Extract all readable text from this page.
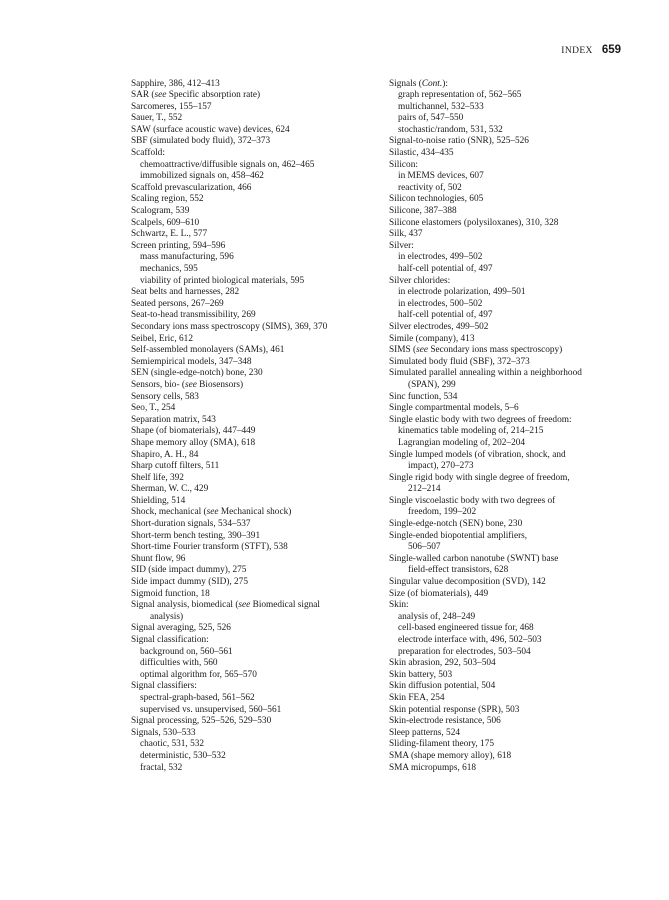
INDEX 659
Sapphire, 386, 412–413
SAR (see Specific absorption rate)
Sarcomeres, 155–157
Sauer, T., 552
SAW (surface acoustic wave) devices, 624
SBF (simulated body fluid), 372–373
Scaffold:
chemoattractive/diffusible signals on, 462–465
immobilized signals on, 458–462
Scaffold prevascularization, 466
Scaling region, 552
Scalogram, 539
Scalpels, 609–610
Schwartz, E. L., 577
Screen printing, 594–596
mass manufacturing, 596
mechanics, 595
viability of printed biological materials, 595
Seat belts and harnesses, 282
Seated persons, 267–269
Seat-to-head transmissibility, 269
Secondary ions mass spectroscopy (SIMS), 369, 370
Seibel, Eric, 612
Self-assembled monolayers (SAMs), 461
Semiempirical models, 347–348
SEN (single-edge-notch) bone, 230
Sensors, bio- (see Biosensors)
Sensory cells, 583
Seo, T., 254
Separation matrix, 543
Shape (of biomaterials), 447–449
Shape memory alloy (SMA), 618
Shapiro, A. H., 84
Sharp cutoff filters, 511
Shelf life, 392
Sherman, W. C., 429
Shielding, 514
Shock, mechanical (see Mechanical shock)
Short-duration signals, 534–537
Short-term bench testing, 390–391
Short-time Fourier transform (STFT), 538
Shunt flow, 96
SID (side impact dummy), 275
Side impact dummy (SID), 275
Sigmoid function, 18
Signal analysis, biomedical (see Biomedical signal
analysis)
Signal averaging, 525, 526
Signal classification:
background on, 560–561
difficulties with, 560
optimal algorithm for, 565–570
Signal classifiers:
spectral-graph-based, 561–562
supervised vs. unsupervised, 560–561
Signal processing, 525–526, 529–530
Signals, 530–533
chaotic, 531, 532
deterministic, 530–532
fractal, 532
Signals (Cont.):
graph representation of, 562–565
multichannel, 532–533
pairs of, 547–550
stochastic/random, 531, 532
Signal-to-noise ratio (SNR), 525–526
Silastic, 434–435
Silicon:
in MEMS devices, 607
reactivity of, 502
Silicon technologies, 605
Silicone, 387–388
Silicone elastomers (polysiloxanes), 310, 328
Silk, 437
Silver:
in electrodes, 499–502
half-cell potential of, 497
Silver chlorides:
in electrode polarization, 499–501
in electrodes, 500–502
half-cell potential of, 497
Silver electrodes, 499–502
Simile (company), 413
SIMS (see Secondary ions mass spectroscopy)
Simulated body fluid (SBF), 372–373
Simulated parallel annealing within a neighborhood
(SPAN), 299
Sinc function, 534
Single compartmental models, 5–6
Single elastic body with two degrees of freedom:
kinematics table modeling of, 214–215
Lagrangian modeling of, 202–204
Single lumped models (of vibration, shock, and
impact), 270–273
Single rigid body with single degree of freedom,
212–214
Single viscoelastic body with two degrees of
freedom, 199–202
Single-edge-notch (SEN) bone, 230
Single-ended biopotential amplifiers,
506–507
Single-walled carbon nanotube (SWNT) base
field-effect transistors, 628
Singular value decomposition (SVD), 142
Size (of biomaterials), 449
Skin:
analysis of, 248–249
cell-based engineered tissue for, 468
electrode interface with, 496, 502–503
preparation for electrodes, 503–504
Skin abrasion, 292, 503–504
Skin battery, 503
Skin diffusion potential, 504
Skin FEA, 254
Skin potential response (SPR), 503
Skin-electrode resistance, 506
Sleep patterns, 524
Sliding-filament theory, 175
SMA (shape memory alloy), 618
SMA micropumps, 618
